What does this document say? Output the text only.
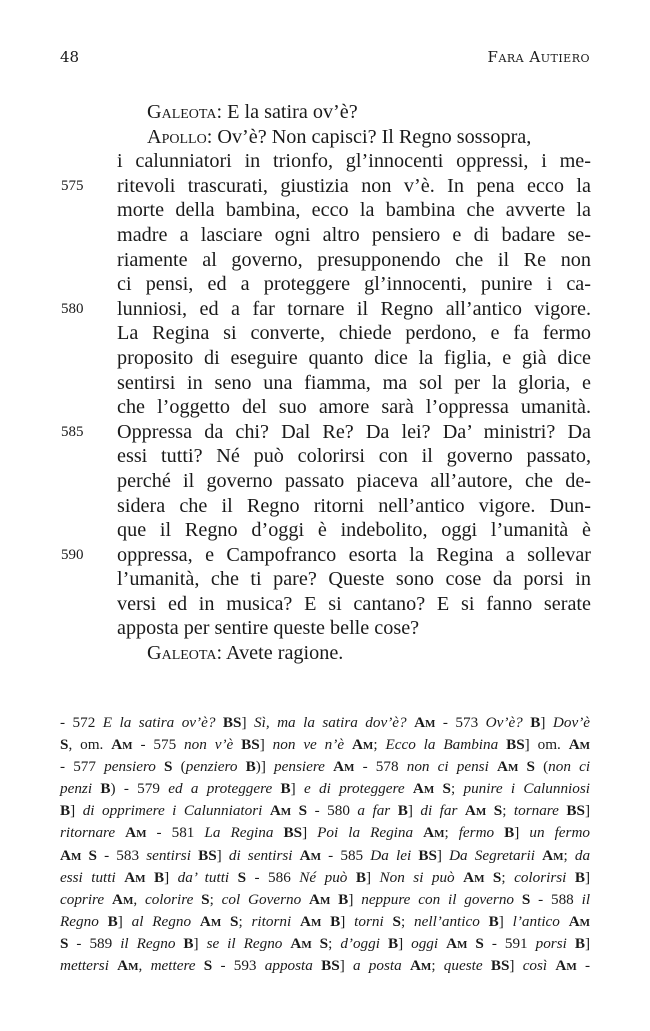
48	Fara Autiero
Galeota: E la satira ov’è?
Apollo: Ov’è? Non capisci? Il Regno sossopra,
i calunniatori in trionfo, gl’innocenti oppressi, i me-
575	ritevoli trascurati, giustizia non v’è. In pena ecco la
morte della bambina, ecco la bambina che avverte la
madre a lasciare ogni altro pensiero e di badare se-
riamente al governo, presupponendo che il Re non
ci pensi, ed a proteggere gl’innocenti, punire i ca-
580	lunniosi, ed a far tornare il Regno all’antico vigore.
La Regina si converte, chiede perdono, e fa fermo
proposito di eseguire quanto dice la figlia, e già dice
sentirsi in seno una fiamma, ma sol per la gloria, e
che l’oggetto del suo amore sarà l’oppressa umanità.
585	Oppressa da chi? Dal Re? Da lei? Da’ ministri? Da
essi tutti? Né può colorirsi con il governo passato,
perché il governo passato piaceva all’autore, che de-
sidera che il Regno ritorni nell’antico vigore. Dun-
que il Regno d’oggi è indebolito, oggi l’umanità è
590	oppressa, e Campofranco esorta la Regina a sollevar
l’umanità, che ti pare? Queste sono cose da porsi in
versi ed in musica? E si cantano? E si fanno serate
apposta per sentire queste belle cose?
Galeota: Avete ragione.
- 572 E la satira ov’è? BS] Sì, ma la satira dov’è? Am - 573 Ov’è? B] Dov’è
S, om. Am - 575 non v’è BS] non ve n’è Am; Ecco la Bambina BS] om. Am
- 577 pensiero S (penziero B)] pensiere Am - 578 non ci pensi Am S (non ci
penzi B) - 579 ed a proteggere B] e di proteggere Am S; punire i Calunniosi
B] di opprimere i Calunniatori Am S - 580 a far B] di far Am S; tornare BS]
ritornare Am - 581 La Regina BS] Poi la Regina Am; fermo B] un fermo
Am S - 583 sentirsi BS] di sentirsi Am - 585 Da lei BS] Da Segretarii Am; da
essi tutti Am B] da’ tutti S - 586 Né può B] Non si può Am S; colorirsi B]
coprire Am, colorire S; col Governo Am B] neppure con il governo S - 588 il
Regno B] al Regno Am S; ritorni Am B] torni S; nell’antico B] l’antico Am
S - 589 il Regno B] se il Regno Am S; d’oggi B] oggi Am S - 591 porsi B]
mettersi Am, mettere S - 593 apposta BS] a posta Am; queste BS] così Am -
